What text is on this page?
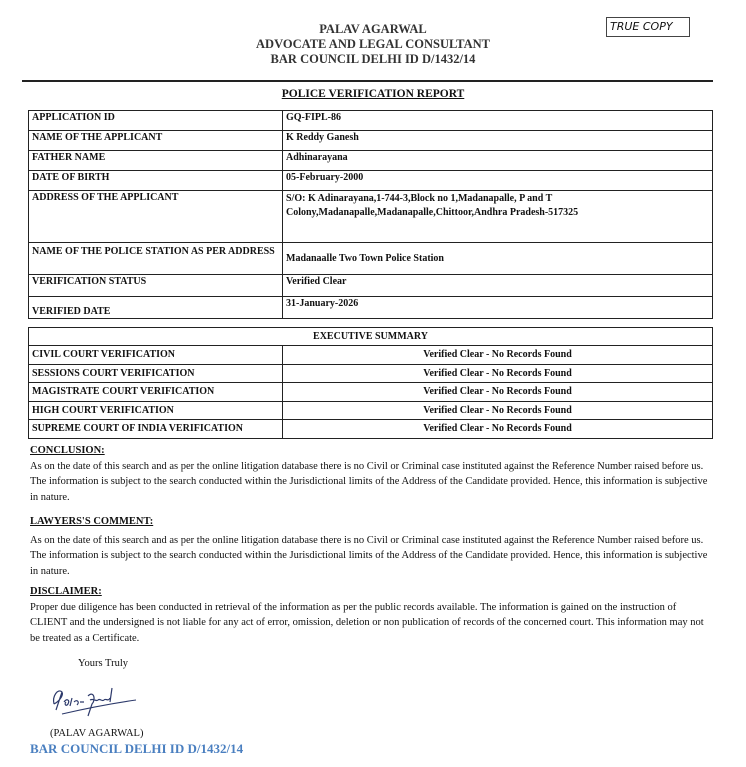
PALAV AGARWAL
ADVOCATE AND LEGAL CONSULTANT
BAR COUNCIL DELHI ID D/1432/14
TRUE COPY
POLICE VERIFICATION REPORT
APPLICATION ID	GQ-FIPL-86
NAME OF THE APPLICANT	K Reddy Ganesh
FATHER NAME	Adhinarayana
DATE OF BIRTH	05-February-2000
ADDRESS OF THE APPLICANT	S/O: K Adinarayana,1-744-3,Block no 1,Madanapalle, P and T Colony,Madanapalle,Madanapalle,Chittoor,Andhra Pradesh-517325
NAME OF THE POLICE STATION AS PER ADDRESS	Madanaalle Two Town Police Station
VERIFICATION STATUS	Verified Clear
VERIFIED DATE	31-January-2026
EXECUTIVE SUMMARY	
CIVIL COURT VERIFICATION	Verified Clear - No Records Found
SESSIONS COURT VERIFICATION	Verified Clear - No Records Found
MAGISTRATE COURT VERIFICATION	Verified Clear - No Records Found
HIGH COURT VERIFICATION	Verified Clear - No Records Found
SUPREME COURT OF INDIA VERIFICATION	Verified Clear - No Records Found
CONCLUSION:

As on the date of this search and as per the online litigation database there is no Civil or Criminal case instituted against the Reference Number raised before us. The information is subject to the search conducted within the Jurisdictional limits of the Address of the Candidate provided. Hence, this information is subjective in nature.

LAWYERS'S COMMENT:

As on the date of this search and as per the online litigation database there is no Civil or Criminal case instituted against the Reference Number raised before us. The information is subject to the search conducted within the Jurisdictional limits of the Address of the Candidate provided. Hence, this information is subjective in nature.

DISCLAIMER:

Proper due diligence has been conducted in retrieval of the information as per the public records available. The information is gained on the instruction of CLIENT and the undersigned is not liable for any act of error, omission, deletion or non publication of records of the concerned court. This information may not be treated as a Certificate.

Yours Truly
(PALAV AGARWAL)
BAR COUNCIL DELHI ID D/1432/14
